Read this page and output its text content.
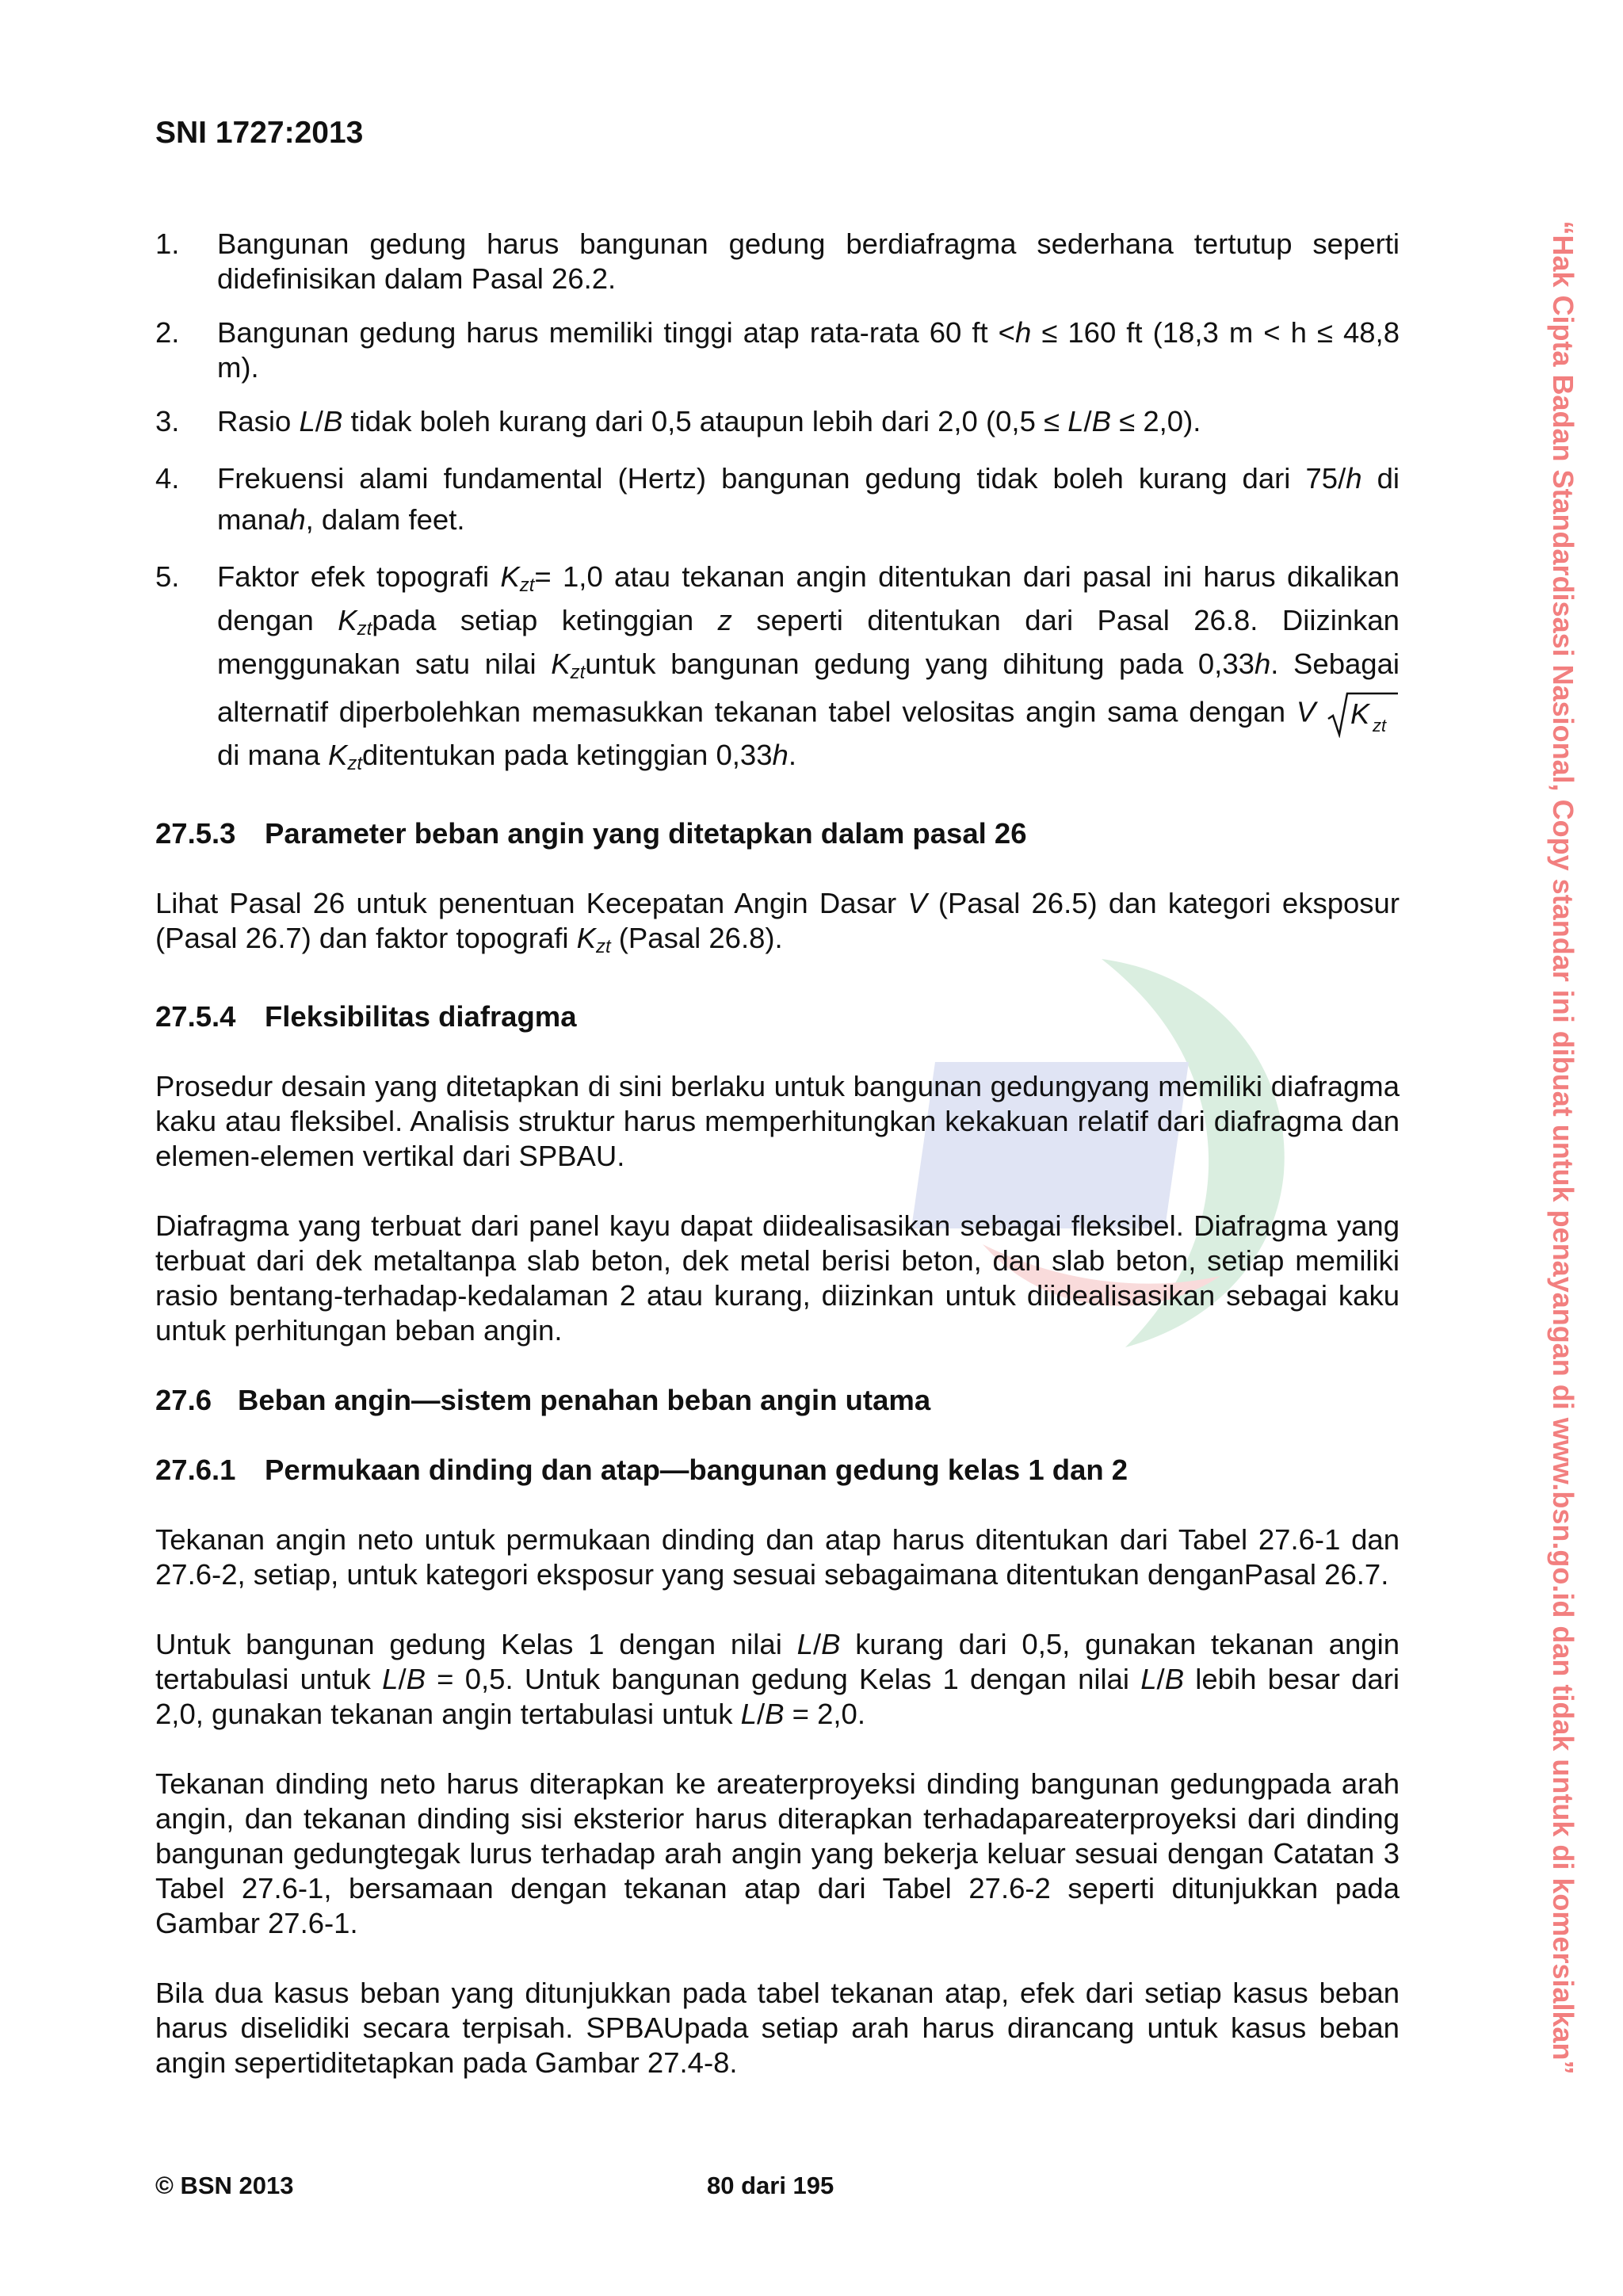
SNI 1727:2013
“Hak Cipta Badan Standardisasi Nasional, Copy standar ini dibuat untuk penayangan di www.bsn.go.id dan tidak untuk di komersialkan”
1. Bangunan gedung harus bangunan gedung berdiafragma sederhana tertutup seperti didefinisikan dalam Pasal 26.2.
2. Bangunan gedung harus memiliki tinggi atap rata-rata 60 ft <h ≤ 160 ft (18,3 m < h ≤ 48,8 m).
3. Rasio L/B tidak boleh kurang dari 0,5 ataupun lebih dari 2,0 (0,5 ≤ L/B ≤ 2,0).
4. Frekuensi alami fundamental (Hertz) bangunan gedung tidak boleh kurang dari 75/h di manah, dalam feet.
5. Faktor efek topografi $K_{zt}= 1,0$ atau tekanan angin ditentukan dari pasal ini harus dikalikan dengan $K_{zt}pada$ setiap ketinggian z seperti ditentukan dari Pasal 26.8. Diizinkan menggunakan satu nilai $K_{zt}untuk$ bangunan gedung yang dihitung pada 0,33h. Sebagai alternatif diperbolehkan memasukkan tekanan tabel velositas angin sama dengan V K zt
di mana $K_{zt}ditentukan$ pada ketinggian 0,33h.
27.5.3 Parameter beban angin yang ditetapkan dalam pasal 26
Lihat Pasal 26 untuk penentuan Kecepatan Angin Dasar V (Pasal 26.5) dan kategori eksposur (Pasal 26.7) dan faktor topografi $K_{zt}$ (Pasal 26.8).
27.5.4 Fleksibilitas diafragma
Prosedur desain yang ditetapkan di sini berlaku untuk bangunan gedungyang memiliki diafragma kaku atau fleksibel. Analisis struktur harus memperhitungkan kekakuan relatif dari diafragma dan elemen-elemen vertikal dari SPBAU.
Diafragma yang terbuat dari panel kayu dapat diidealisasikan sebagai fleksibel. Diafragma yang terbuat dari dek metaltanpa slab beton, dek metal berisi beton, dan slab beton, setiap memiliki rasio bentang-terhadap-kedalaman 2 atau kurang, diizinkan untuk diidealisasikan sebagai kaku untuk perhitungan beban angin.
27.6 Beban angin—sistem penahan beban angin utama
27.6.1 Permukaan dinding dan atap—bangunan gedung kelas 1 dan 2
Tekanan angin neto untuk permukaan dinding dan atap harus ditentukan dari Tabel 27.6-1 dan 27.6-2, setiap, untuk kategori eksposur yang sesuai sebagaimana ditentukan denganPasal 26.7.
Untuk bangunan gedung Kelas 1 dengan nilai L/B kurang dari 0,5, gunakan tekanan angin tertabulasi untuk L/B = 0,5. Untuk bangunan gedung Kelas 1 dengan nilai L/B lebih besar dari 2,0, gunakan tekanan angin tertabulasi untuk L/B = 2,0.
Tekanan dinding neto harus diterapkan ke areaterproyeksi dinding bangunan gedungpada arah angin, dan tekanan dinding sisi eksterior harus diterapkan terhadapareaterproyeksi dari dinding bangunan gedungtegak lurus terhadap arah angin yang bekerja keluar sesuai dengan Catatan 3 Tabel 27.6-1, bersamaan dengan tekanan atap dari Tabel 27.6-2 seperti ditunjukkan pada Gambar 27.6-1.
Bila dua kasus beban yang ditunjukkan pada tabel tekanan atap, efek dari setiap kasus beban harus diselidiki secara terpisah. SPBAUpada setiap arah harus dirancang untuk kasus beban angin sepertiditetapkan pada Gambar 27.4-8.
© BSN 2013	80 dari 195
